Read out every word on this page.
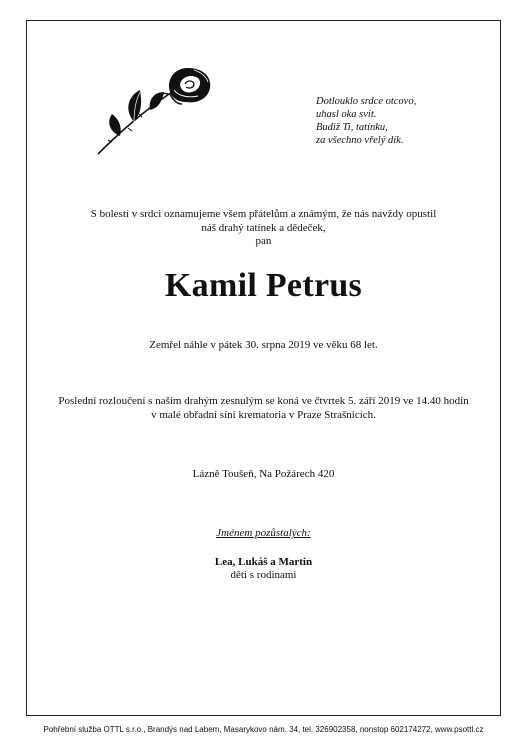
Dotlouklo srdce otcovo,
uhasl oka svit.
Budiž Ti, tatínku,
za všechno vřelý dík.
S bolestí v srdci oznamujeme všem přátelům a známým, že nás navždy opustil
náš drahý tatínek a dědeček,
pan
Kamil Petrus
Zemřel náhle v pátek 30. srpna 2019 ve věku 68 let.
Poslední rozloučení s naším drahým zesnulým se koná ve čtvrtek 5. září 2019 ve 14.40 hodin
v malé obřadní síni krematoria v Praze Strašnicích.
Lázně Toušeň, Na Požárech 420
Jménem pozůstalých:
Lea, Lukáš a Martin
děti s rodinami
Pohřební služba OTTL s.r.o., Brandýs nad Labem, Masarykovo nám. 34, tel. 326902358, nonstop 602174272, www.psottl.cz
